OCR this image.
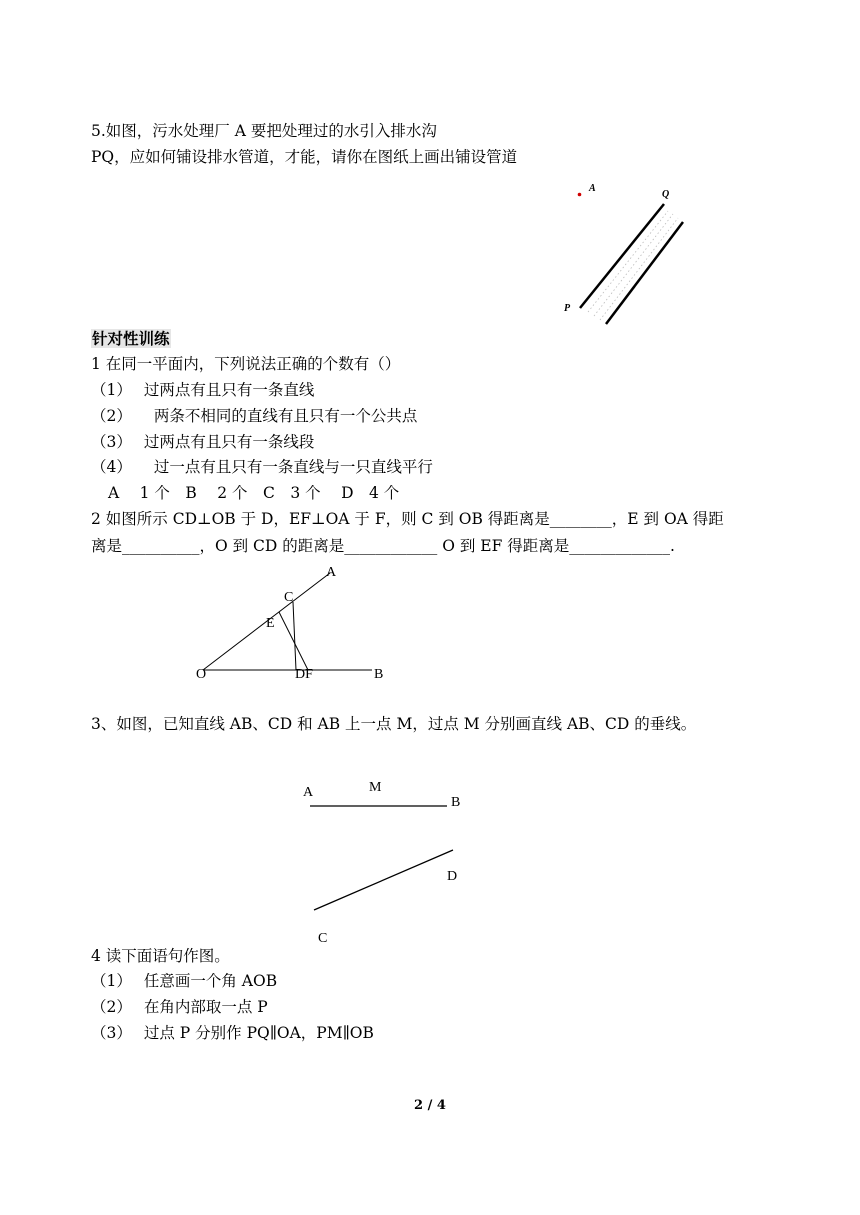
5.如图，污水处理厂 A 要把处理过的水引入排水沟
PQ，应如何铺设排水管道，才能，请你在图纸上画出铺设管道
A
Q
P
针对性训练
1 在同一平面内，下列说法正确的个数有（）
（1） 过两点有且只有一条直线
（2） 两条不相同的直线有且只有一个公共点
（3） 过两点有且只有一条线段
（4） 过一点有且只有一条直线与一只直线平行
A　 1 个　B　 2 个　C　3 个　 D　4 个
2 如图所示 CD⊥OB 于 D，EF⊥OA 于 F，则 C 到 OB 得距离是________，E 到 OA 得距
离是__________，O 到 CD 的距离是____________ O 到 EF 得距离是_____________.
A
C
E
O	DF	B
3、如图，已知直线 AB、CD 和 AB 上一点 M，过点 M 分别画直线 AB、CD 的垂线。
A	M
B
D
C
4 读下面语句作图。
（1） 任意画一个角 AOB
（2） 在角内部取一点 P
（3） 过点 P 分别作 PQ∥OA，PM∥OB
2 / 4
